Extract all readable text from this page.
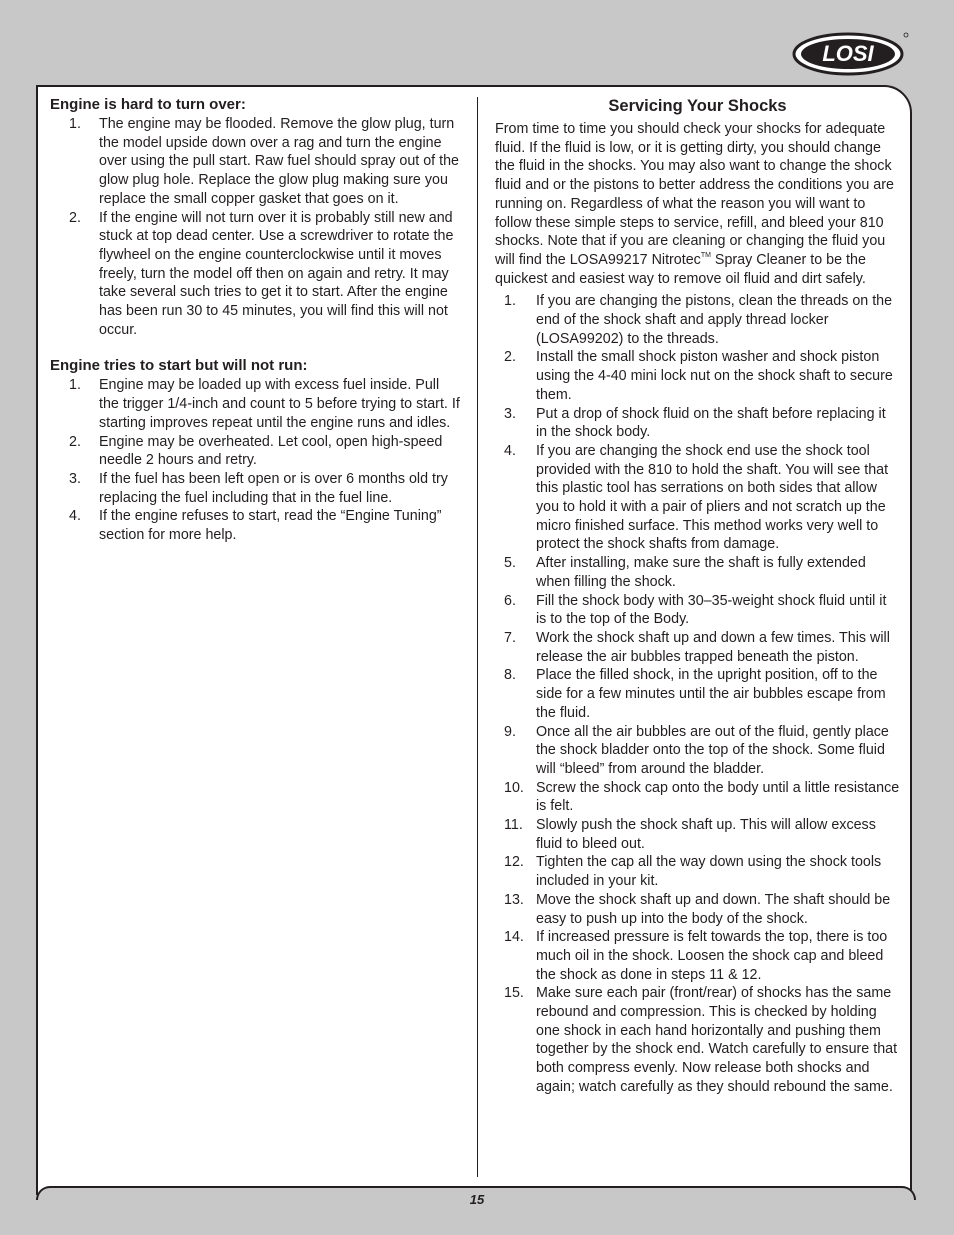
LOSI
Engine is hard to turn over:
1.	The engine may be flooded. Remove the glow plug, turn the model upside down over a rag and turn the engine over using the pull start. Raw fuel should spray out of the glow plug hole. Replace the glow plug making sure you replace the small copper gasket that goes on it.
2.	If the engine will not turn over it is probably still new and stuck at top dead center. Use a screwdriver to rotate the flywheel on the engine counterclockwise until it moves freely, turn the model off then on again and retry. It may take several such tries to get it to start. After the engine has been run 30 to 45 minutes, you will find this will not occur.
Engine tries to start but will not run:
1.	Engine may be loaded up with excess fuel inside. Pull the trigger 1/4-inch and count to 5 before trying to start. If starting improves repeat until the engine runs and idles.
2.	Engine may be overheated. Let cool, open high-speed needle 2 hours and retry.
3.	If the fuel has been left open or is over 6 months old try replacing the fuel including that in the fuel line.
4.	If the engine refuses to start, read the “Engine Tuning” section for more help.
Servicing Your Shocks

From time to time you should check your shocks for adequate fluid. If the fluid is low, or it is getting dirty, you should change the fluid in the shocks. You may also want to change the shock fluid and or the pistons to better address the conditions you are running on. Regardless of what the reason you will want to follow these simple steps to service, refill, and bleed your 810 shocks. Note that if you are cleaning or changing the fluid you will find the LOSA99217 Nitrotec™ Spray Cleaner to be the quickest and easiest way to remove oil fluid and dirt safely.

1.	If you are changing the pistons, clean the threads on the end of the shock shaft and apply thread locker (LOSA99202) to the threads.
2.	Install the small shock piston washer and shock piston using the 4-40 mini lock nut on the shock shaft to secure them.
3.	Put a drop of shock fluid on the shaft before replacing it in the shock body.
4.	If you are changing the shock end use the shock tool provided with the 810 to hold the shaft. You will see that this plastic tool has serrations on both sides that allow you to hold it with a pair of pliers and not scratch up the micro finished surface. This method works very well to protect the shock shafts from damage.
5.	After installing, make sure the shaft is fully extended when filling the shock.
6.	Fill the shock body with 30–35-weight shock fluid until it is to the top of the Body.
7.	Work the shock shaft up and down a few times. This will release the air bubbles trapped beneath the piston.
8.	Place the filled shock, in the upright position, off to the side for a few minutes until the air bubbles escape from the fluid.
9.	Once all the air bubbles are out of the fluid, gently place the shock bladder onto the top of the shock. Some fluid will “bleed” from around the bladder.
10. Screw the shock cap onto the body until a little resistance is felt.
11. Slowly push the shock shaft up. This will allow excess fluid to bleed out.
12. Tighten the cap all the way down using the shock tools included in your kit.
13. Move the shock shaft up and down. The shaft should be easy to push up into the body of the shock.
14. If increased pressure is felt towards the top, there is too much oil in the shock. Loosen the shock cap and bleed the shock as done in steps 11 & 12.
15. Make sure each pair (front/rear) of shocks has the same rebound and compression. This is checked by holding one shock in each hand horizontally and pushing them together by the shock end. Watch carefully to ensure that both compress evenly. Now release both shocks and again; watch carefully as they should rebound the same.
15
